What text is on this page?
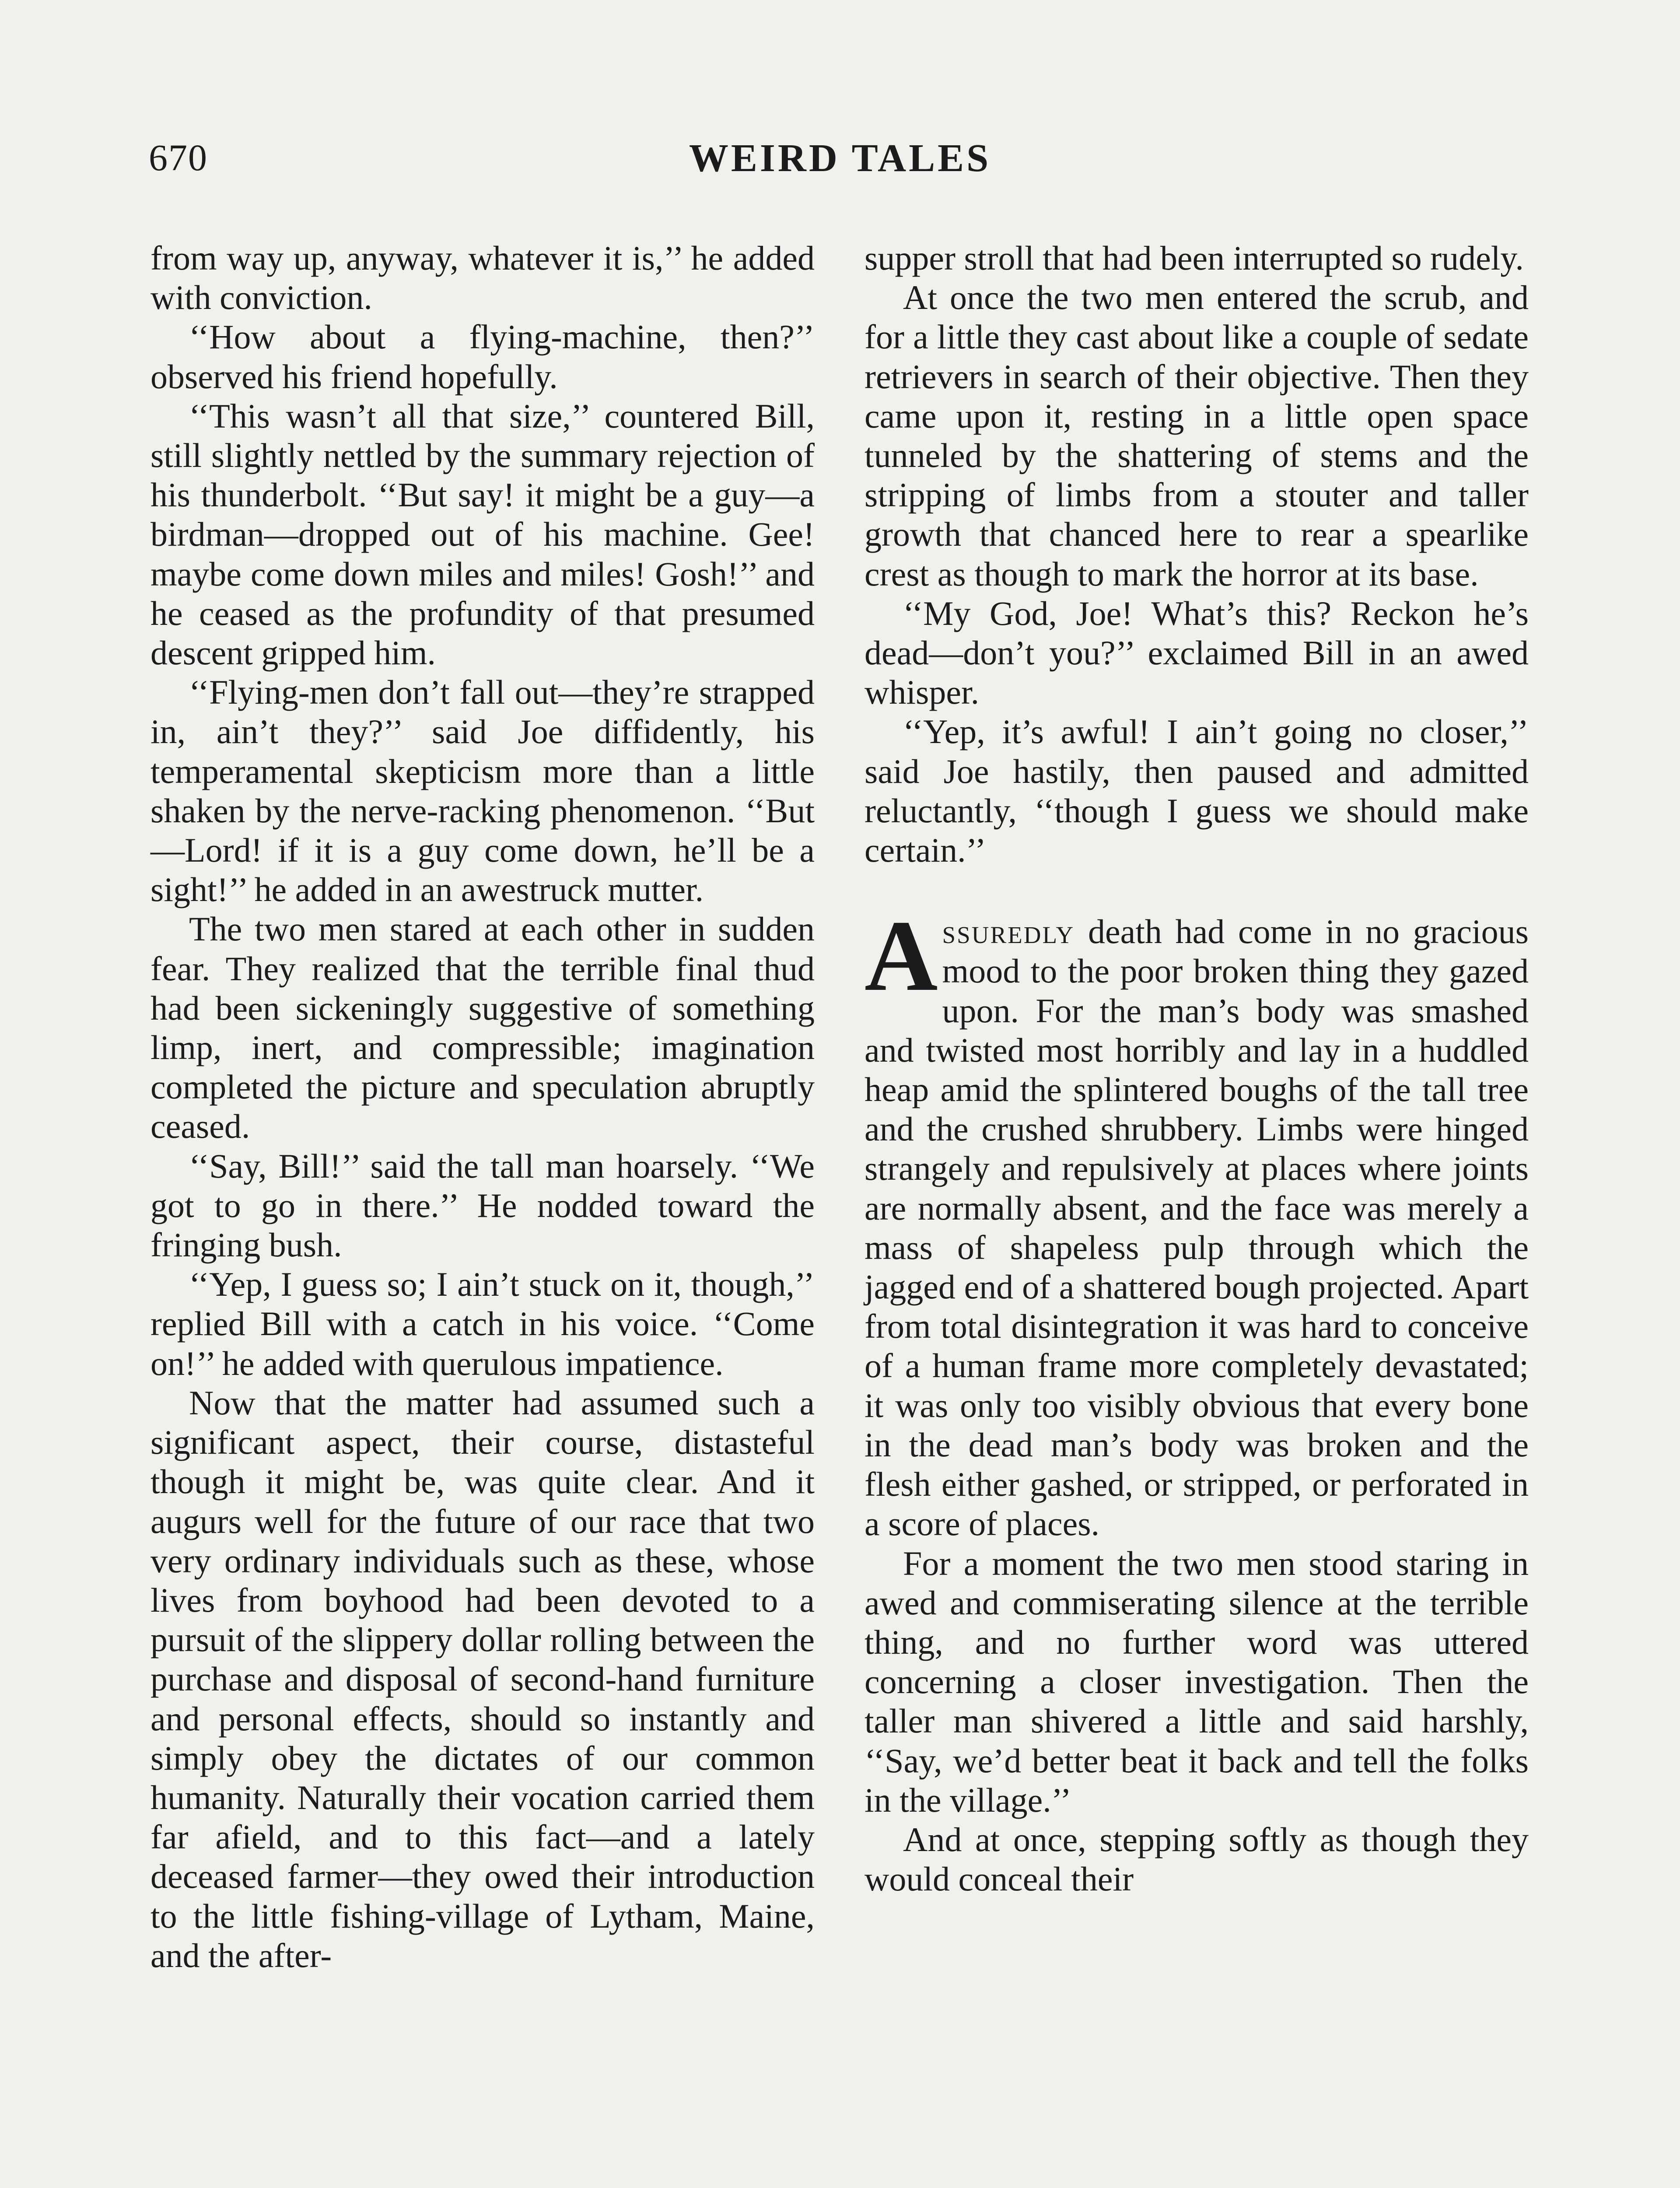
670	WEIRD TALES

from way up, anyway, whatever it is,’’ he added with conviction.

‘‘How about a flying-machine, then?’’ observed his friend hopefully.

‘‘This wasn’t all that size,’’ countered Bill, still slightly nettled by the summary rejection of his thunderbolt. ‘‘But say! it might be a guy—a birdman—dropped out of his machine. Gee! maybe come down miles and miles! Gosh!’’ and he ceased as the profundity of that presumed descent gripped him.

‘‘Flying-men don’t fall out—they’re strapped in, ain’t they?’’ said Joe diffidently, his temperamental skepticism more than a little shaken by the nerve-racking phenomenon. ‘‘But—Lord! if it is a guy come down, he’ll be a sight!’’ he added in an awestruck mutter.

The two men stared at each other in sudden fear. They realized that the terrible final thud had been sickeningly suggestive of something limp, inert, and compressible; imagination completed the picture and speculation abruptly ceased.

‘‘Say, Bill!’’ said the tall man hoarsely. ‘‘We got to go in there.’’ He nodded toward the fringing bush.

‘‘Yep, I guess so; I ain’t stuck on it, though,’’ replied Bill with a catch in his voice. ‘‘Come on!’’ he added with querulous impatience.

Now that the matter had assumed such a significant aspect, their course, distasteful though it might be, was quite clear. And it augurs well for the future of our race that two very ordinary individuals such as these, whose lives from boyhood had been devoted to a pursuit of the slippery dollar rolling between the purchase and disposal of second-hand furniture and personal effects, should so instantly and simply obey the dictates of our common humanity. Naturally their vocation carried them far afield, and to this fact—and a lately deceased farmer—they owed their introduction to the little fishing-village of Lytham, Maine, and the after-

supper stroll that had been interrupted so rudely.

At once the two men entered the scrub, and for a little they cast about like a couple of sedate retrievers in search of their objective. Then they came upon it, resting in a little open space tunneled by the shattering of stems and the stripping of limbs from a stouter and taller growth that chanced here to rear a spearlike crest as though to mark the horror at its base.

‘‘My God, Joe! What’s this? Reckon he’s dead—don’t you?’’ exclaimed Bill in an awed whisper.

‘‘Yep, it’s awful! I ain’t going no closer,’’ said Joe hastily, then paused and admitted reluctantly, ‘‘though I guess we should make certain.’’

Assuredly death had come in no gracious mood to the poor broken thing they gazed upon. For the man’s body was smashed and twisted most horribly and lay in a huddled heap amid the splintered boughs of the tall tree and the crushed shrubbery. Limbs were hinged strangely and repulsively at places where joints are normally absent, and the face was merely a mass of shapeless pulp through which the jagged end of a shattered bough projected. Apart from total disintegration it was hard to conceive of a human frame more completely devastated; it was only too visibly obvious that every bone in the dead man’s body was broken and the flesh either gashed, or stripped, or perforated in a score of places.

For a moment the two men stood staring in awed and commiserating silence at the terrible thing, and no further word was uttered concerning a closer investigation. Then the taller man shivered a little and said harshly, ‘‘Say, we’d better beat it back and tell the folks in the village.’’

And at once, stepping softly as though they would conceal their
